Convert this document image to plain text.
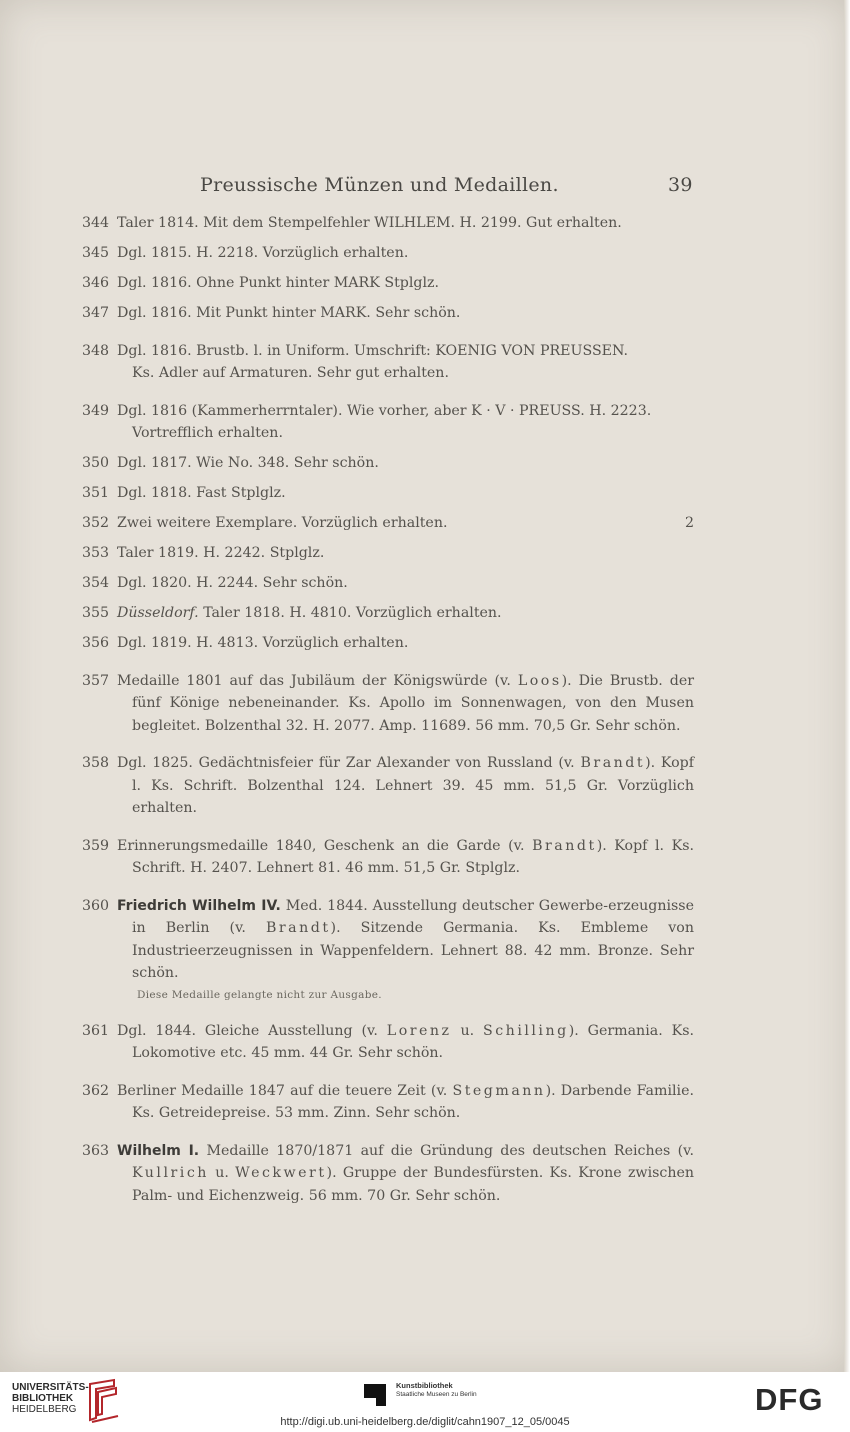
Preussische Münzen und Medaillen.	39
344 Taler 1814. Mit dem Stempelfehler WILHLEM. H. 2199. Gut erhalten.
345 Dgl. 1815. H. 2218. Vorzüglich erhalten.
346 Dgl. 1816. Ohne Punkt hinter MARK Stplglz.
347 Dgl. 1816. Mit Punkt hinter MARK. Sehr schön.
348 Dgl. 1816. Brustb. l. in Uniform. Umschrift: KOENIG VON PREUSSEN.
Ks. Adler auf Armaturen. Sehr gut erhalten.
349 Dgl. 1816 (Kammerherrntaler). Wie vorher, aber K · V · PREUSS. H. 2223.
Vortrefflich erhalten.
350 Dgl. 1817. Wie No. 348. Sehr schön.
351 Dgl. 1818. Fast Stplglz.
352 Zwei weitere Exemplare. Vorzüglich erhalten.	2
353 Taler 1819. H. 2242. Stplglz.
354 Dgl. 1820. H. 2244. Sehr schön.
355 Düsseldorf. Taler 1818. H. 4810. Vorzüglich erhalten.
356 Dgl. 1819. H. 4813. Vorzüglich erhalten.
357 Medaille 1801 auf das Jubiläum der Königswürde (v. Loos). Die Brustb. der fünf Könige nebeneinander. Ks. Apollo im Sonnenwagen, von den Musen begleitet. Bolzenthal 32. H. 2077. Amp. 11689. 56 mm. 70,5 Gr. Sehr schön.
358 Dgl. 1825. Gedächtnisfeier für Zar Alexander von Russland (v. Brandt). Kopf l. Ks. Schrift. Bolzenthal 124. Lehnert 39. 45 mm. 51,5 Gr. Vorzüglich erhalten.
359 Erinnerungsmedaille 1840, Geschenk an die Garde (v. Brandt). Kopf l. Ks. Schrift. H. 2407. Lehnert 81. 46 mm. 51,5 Gr. Stplglz.
360 Friedrich Wilhelm IV. Med. 1844. Ausstellung deutscher Gewerbe-erzeugnisse in Berlin (v. Brandt). Sitzende Germania. Ks. Embleme von Industrieerzeugnissen in Wappenfeldern. Lehnert 88. 42 mm. Bronze. Sehr schön.
Diese Medaille gelangte nicht zur Ausgabe.
361 Dgl. 1844. Gleiche Ausstellung (v. Lorenz u. Schilling). Germania. Ks. Lokomotive etc. 45 mm. 44 Gr. Sehr schön.
362 Berliner Medaille 1847 auf die teuere Zeit (v. Stegmann). Darbende Familie. Ks. Getreidepreise. 53 mm. Zinn. Sehr schön.
363 Wilhelm I. Medaille 1870/1871 auf die Gründung des deutschen Reiches (v. Kullrich u. Weckwert). Gruppe der Bundesfürsten. Ks. Krone zwischen Palm- und Eichenzweig. 56 mm. 70 Gr. Sehr schön.
UNIVERSITÄTS-
BIBLIOTHEK
HEIDELBERG
Kunstbibliothek
Staatliche Museen zu Berlin
http://digi.ub.uni-heidelberg.de/diglit/cahn1907_12_05/0045
DFG
